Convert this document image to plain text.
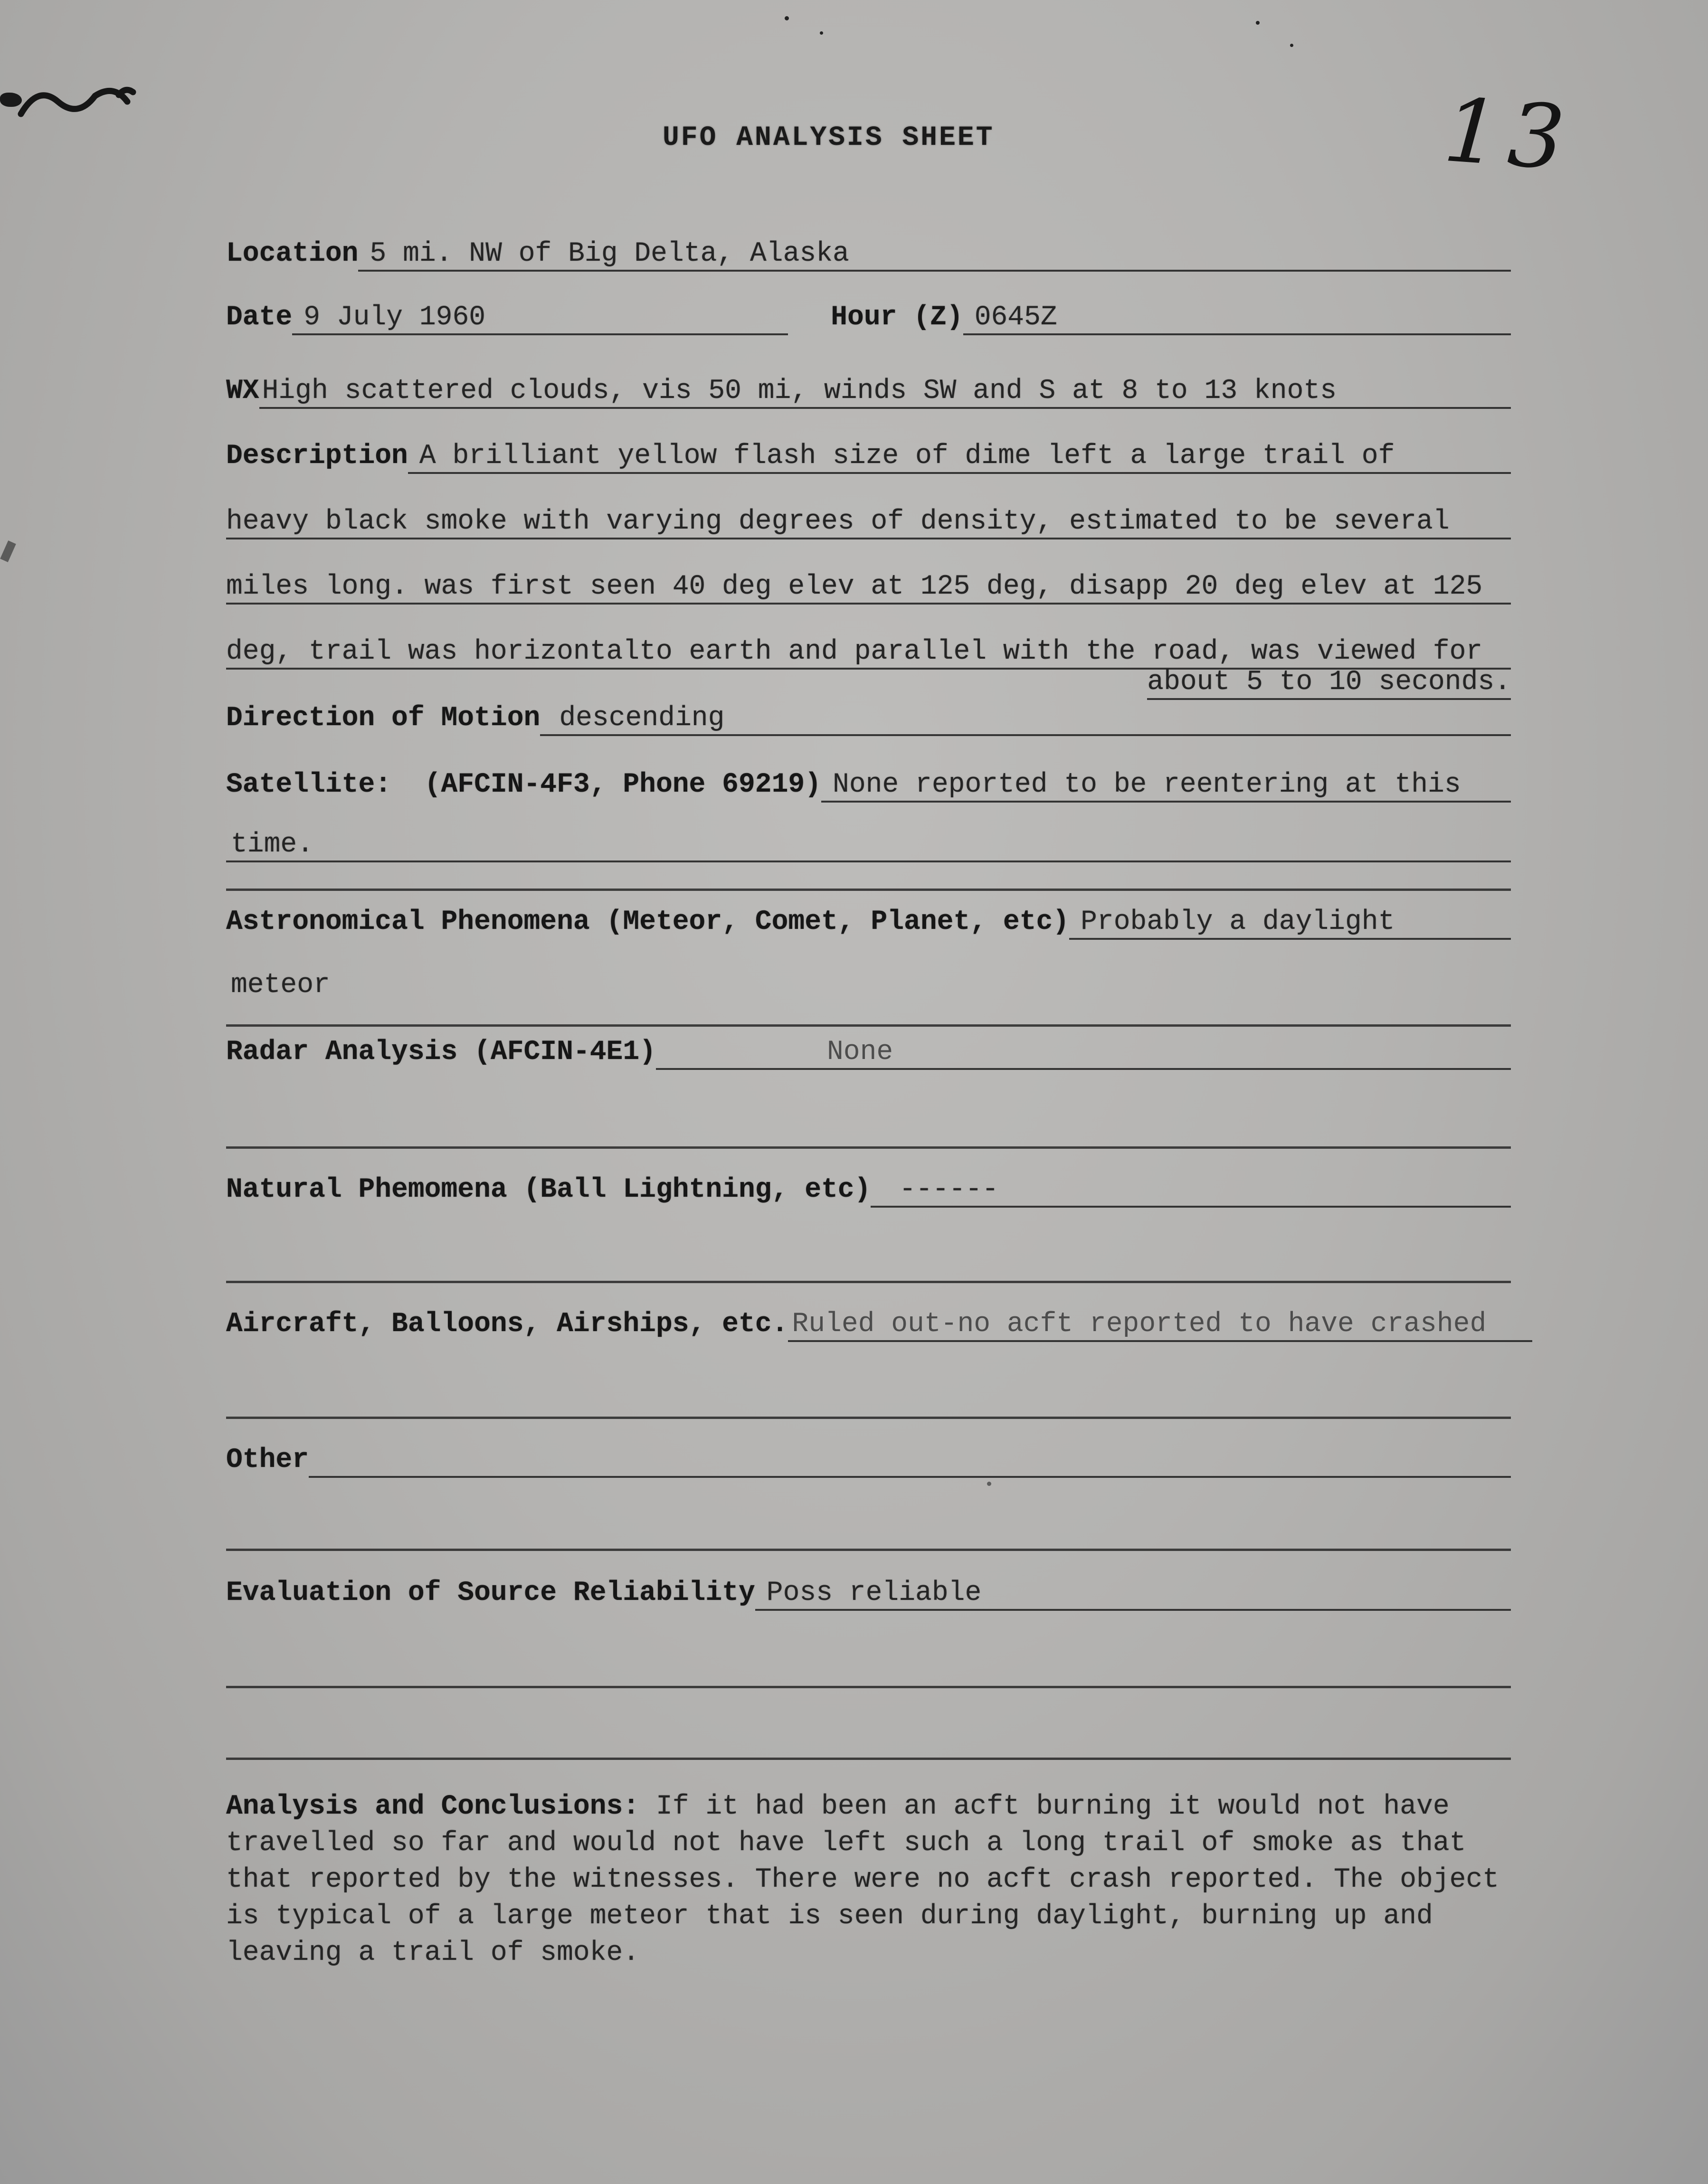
UFO ANALYSIS SHEET	13
Location 5 mi. NW of Big Delta, Alaska
Date 9 July 1960	Hour (Z) 0645Z
WX High scattered clouds, vis 50 mi, winds SW and S at 8 to 13 knots
Description A brilliant yellow flash size of dime left a large trail of
heavy black smoke with varying degrees of density, estimated to be several
miles long. was first seen 40 deg elev at 125 deg, disapp 20 deg elev at 125
deg, trail was horizontalto earth and parallel with the road, was viewed for
about 5 to 10 seconds.
Direction of Motion descending
Satellite:  (AFCIN-4F3, Phone 69219) None reported to be reentering at this
time.
Astronomical Phenomena (Meteor, Comet, Planet, etc) Probably a daylight
meteor
Radar Analysis (AFCIN-4E1)	None
Natural Phemomena (Ball Lightning, etc)	------
Aircraft, Balloons, Airships, etc. Ruled out-no acft reported to have crashed
Other
Evaluation of Source Reliability Poss reliable
Analysis and Conclusions: If it had been an acft burning it would not have travelled so far and would not have left such a long trail of smoke as that that reported by the witnesses. There were no acft crash reported. The object is typical of a large meteor that is seen during daylight, burning up and leaving a trail of smoke.
